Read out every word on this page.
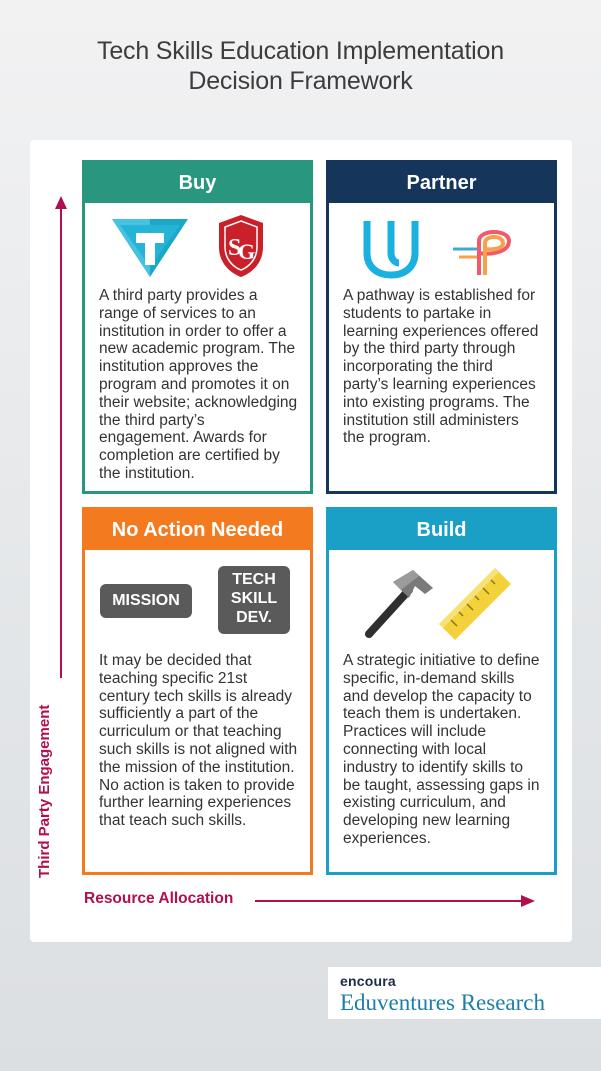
Tech Skills Education Implementation
Decision Framework
Third Party Engagement
Buy
S
G
A third party provides a range of services to an institution in order to offer a new academic program. The institution approves the program and promotes it on their website; acknowledging the third party’s engagement. Awards for completion are certified by the institution.
Partner
A pathway is established for students to partake in learning experiences offered by the third party through incorporating the third party’s learning experiences into existing programs. The institution still administers the program.
No Action Needed
MISSION
TECH
SKILL
DEV.
It may be decided that teaching specific 21st century tech skills is already sufficiently a part of the curriculum or that teaching such skills is not aligned with the mission of the institution. No action is taken to provide further learning experiences that teach such skills.
Build
A strategic initiative to define specific, in-demand skills and develop the capacity to teach them is undertaken. Practices will include connecting with local industry to identify skills to be taught, assessing gaps in existing curriculum, and developing new learning experiences.
Resource Allocation
encoura
Eduventures Research
